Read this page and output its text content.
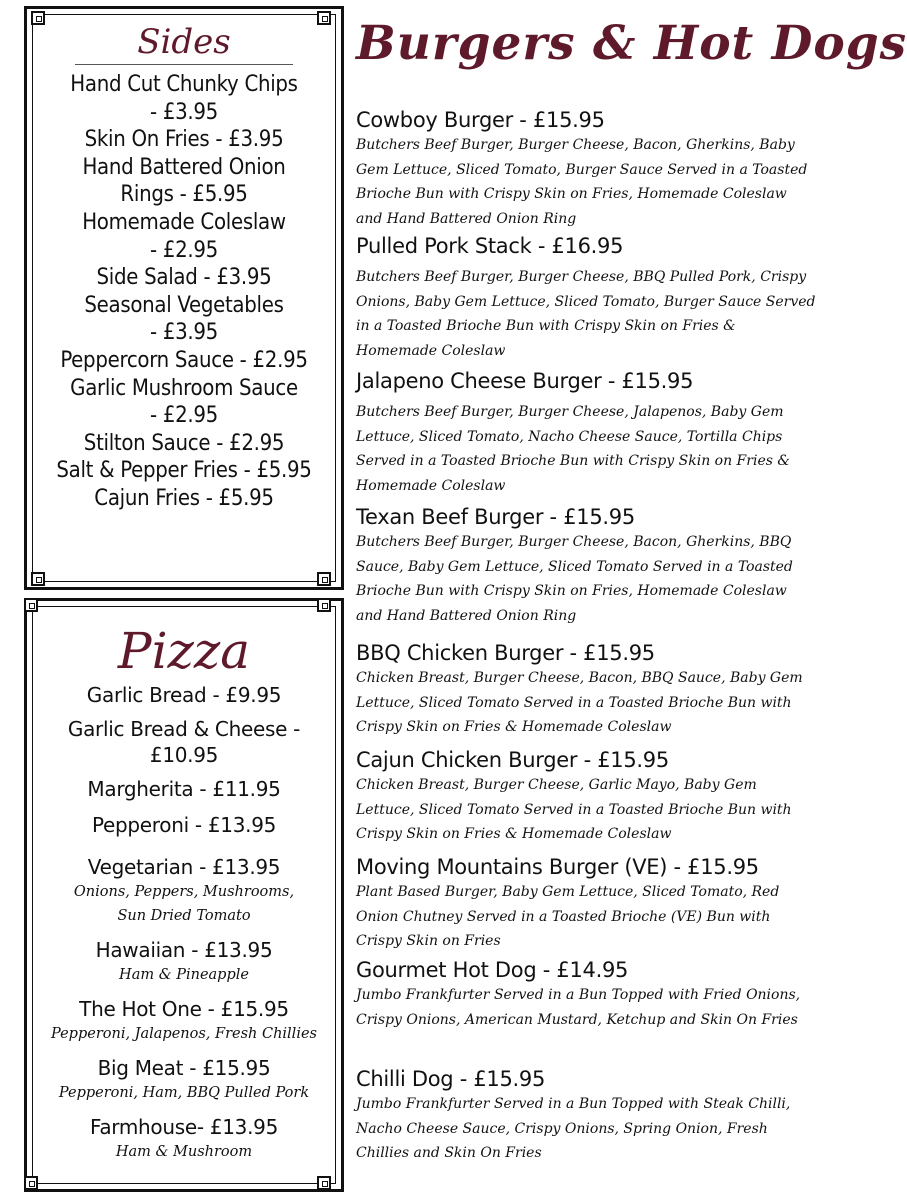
Sides
Hand Cut Chunky Chips
- £3.95
Skin On Fries - £3.95
Hand Battered Onion
Rings - £5.95
Homemade Coleslaw
- £2.95
Side Salad - £3.95
Seasonal Vegetables
- £3.95
Peppercorn Sauce - £2.95
Garlic Mushroom Sauce
- £2.95
Stilton Sauce - £2.95
Salt & Pepper Fries - £5.95
Cajun Fries - £5.95
Pizza
Garlic Bread - £9.95
Garlic Bread & Cheese - £10.95
Margherita - £11.95
Pepperoni - £13.95
Vegetarian - £13.95
Onions, Peppers, Mushrooms,
Sun Dried Tomato
Hawaiian - £13.95
Ham & Pineapple
The Hot One - £15.95
Pepperoni, Jalapenos, Fresh Chillies
Big Meat - £15.95
Pepperoni, Ham, BBQ Pulled Pork
Farmhouse- £13.95
Ham & Mushroom
Burgers & Hot Dogs
Cowboy Burger - £15.95
Butchers Beef Burger, Burger Cheese, Bacon, Gherkins, Baby Gem Lettuce, Sliced Tomato, Burger Sauce Served in a Toasted Brioche Bun with Crispy Skin on Fries, Homemade Coleslaw and Hand Battered Onion Ring
Pulled Pork Stack - £16.95
Butchers Beef Burger, Burger Cheese, BBQ Pulled Pork, Crispy Onions, Baby Gem Lettuce, Sliced Tomato, Burger Sauce Served in a Toasted Brioche Bun with Crispy Skin on Fries & Homemade Coleslaw
Jalapeno Cheese Burger - £15.95
Butchers Beef Burger, Burger Cheese, Jalapenos, Baby Gem Lettuce, Sliced Tomato, Nacho Cheese Sauce, Tortilla Chips Served in a Toasted Brioche Bun with Crispy Skin on Fries & Homemade Coleslaw
Texan Beef Burger - £15.95
Butchers Beef Burger, Burger Cheese, Bacon, Gherkins, BBQ Sauce, Baby Gem Lettuce, Sliced Tomato Served in a Toasted Brioche Bun with Crispy Skin on Fries, Homemade Coleslaw and Hand Battered Onion Ring
BBQ Chicken Burger - £15.95
Chicken Breast, Burger Cheese, Bacon, BBQ Sauce, Baby Gem Lettuce, Sliced Tomato Served in a Toasted Brioche Bun with Crispy Skin on Fries & Homemade Coleslaw
Cajun Chicken Burger - £15.95
Chicken Breast, Burger Cheese, Garlic Mayo, Baby Gem Lettuce, Sliced Tomato Served in a Toasted Brioche Bun with Crispy Skin on Fries & Homemade Coleslaw
Moving Mountains Burger (VE) - £15.95
Plant Based Burger, Baby Gem Lettuce, Sliced Tomato, Red Onion Chutney Served in a Toasted Brioche (VE) Bun with Crispy Skin on Fries
Gourmet Hot Dog - £14.95
Jumbo Frankfurter Served in a Bun Topped with Fried Onions, Crispy Onions, American Mustard, Ketchup and Skin On Fries
Chilli Dog - £15.95
Jumbo Frankfurter Served in a Bun Topped with Steak Chilli, Nacho Cheese Sauce, Crispy Onions, Spring Onion, Fresh Chillies and Skin On Fries
